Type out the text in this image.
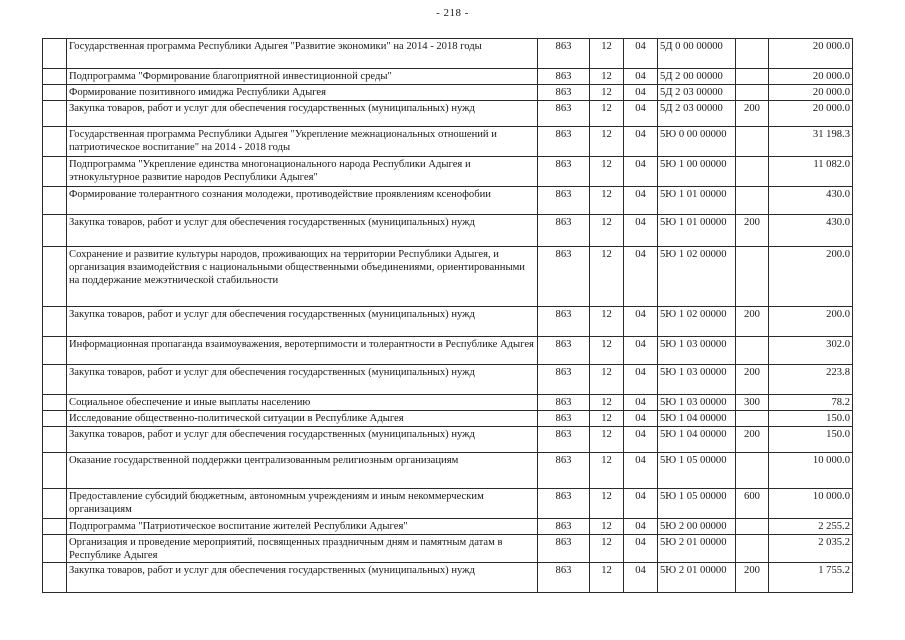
- 218 -
	Государственная программа Республики Адыгея "Развитие экономики" на 2014 - 2018 годы	863	12	04	5Д 0 00 00000		20 000.0
	Подпрограмма "Формирование благоприятной инвестиционной среды"	863	12	04	5Д 2 00 00000		20 000.0
	Формирование позитивного имиджа Республики Адыгея	863	12	04	5Д 2 03 00000		20 000.0
	Закупка товаров, работ и услуг для обеспечения государственных (муниципальных) нужд	863	12	04	5Д 2 03 00000	200	20 000.0
	Государственная программа Республики Адыгея "Укрепление межнациональных отношений и патриотическое воспитание" на 2014 - 2018 годы	863	12	04	5Ю 0 00 00000		31 198.3
	Подпрограмма "Укрепление единства многонационального народа Республики Адыгея и этнокультурное развитие народов Республики Адыгея"	863	12	04	5Ю 1 00 00000		11 082.0
	Формирование толерантного сознания молодежи, противодействие проявлениям ксенофобии	863	12	04	5Ю 1 01 00000		430.0
	Закупка товаров, работ и услуг для обеспечения государственных (муниципальных) нужд	863	12	04	5Ю 1 01 00000	200	430.0
	Сохранение и развитие культуры народов, проживающих на территории Республики Адыгея, и организация взаимодействия с национальными общественными объединениями, ориентированными на поддержание межэтнической стабильности	863	12	04	5Ю 1 02 00000		200.0
	Закупка товаров, работ и услуг для обеспечения государственных (муниципальных) нужд	863	12	04	5Ю 1 02 00000	200	200.0
	Информационная пропаганда взаимоуважения, веротерпимости и толерантности в Республике Адыгея	863	12	04	5Ю 1 03 00000		302.0
	Закупка товаров, работ и услуг для обеспечения государственных (муниципальных) нужд	863	12	04	5Ю 1 03 00000	200	223.8
	Социальное обеспечение и иные выплаты населению	863	12	04	5Ю 1 03 00000	300	78.2
	Исследование общественно-политической ситуации в Республике Адыгея	863	12	04	5Ю 1 04 00000		150.0
	Закупка товаров, работ и услуг для обеспечения государственных (муниципальных) нужд	863	12	04	5Ю 1 04 00000	200	150.0
	Оказание государственной поддержки централизованным религиозным организациям	863	12	04	5Ю 1 05 00000		10 000.0
	Предоставление субсидий бюджетным, автономным учреждениям и иным некоммерческим организациям	863	12	04	5Ю 1 05 00000	600	10 000.0
	Подпрограмма "Патриотическое воспитание жителей Республики Адыгея"	863	12	04	5Ю 2 00 00000		2 255.2
	Организация и проведение мероприятий, посвященных праздничным дням и памятным датам в Республике Адыгея	863	12	04	5Ю 2 01 00000		2 035.2
	Закупка товаров, работ и услуг для обеспечения государственных (муниципальных) нужд	863	12	04	5Ю 2 01 00000	200	1 755.2
